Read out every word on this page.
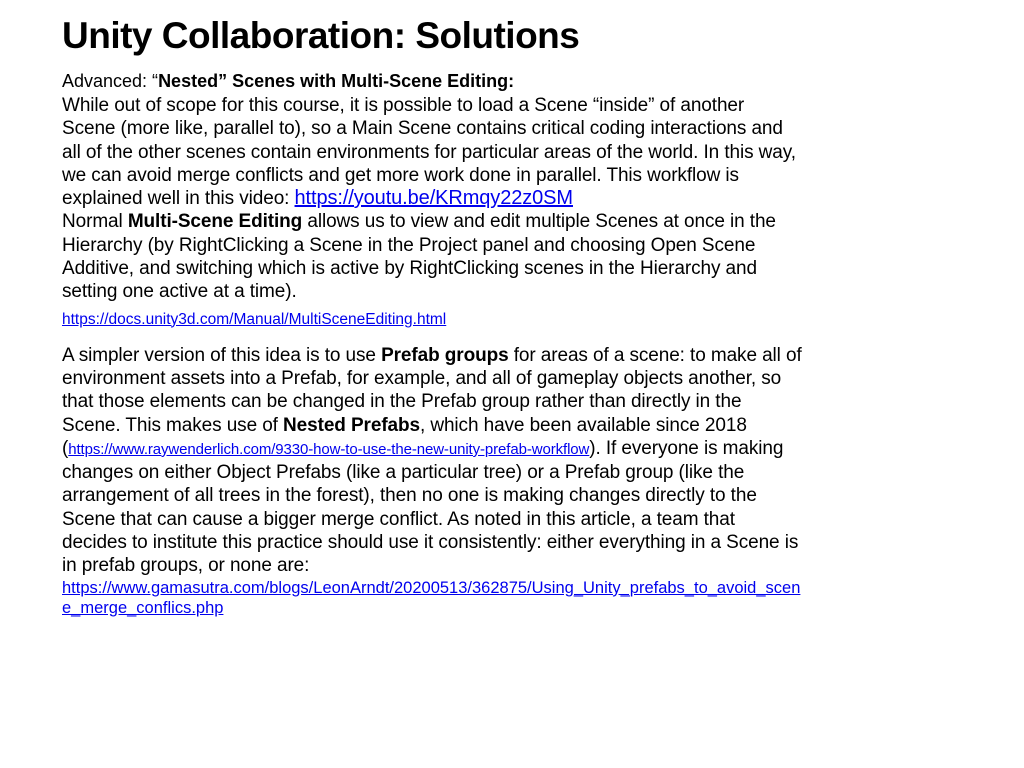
Unity Collaboration: Solutions

Advanced: “Nested” Scenes with Multi-Scene Editing:

While out of scope for this course, it is possible to load a Scene “inside” of another Scene (more like, parallel to), so a Main Scene contains critical coding interactions and all of the other scenes contain environments for particular areas of the world. In this way, we can avoid merge conflicts and get more work done in parallel. This workflow is explained well in this video: https://youtu.be/KRmqy22z0SM

Normal Multi-Scene Editing allows us to view and edit multiple Scenes at once in the Hierarchy (by RightClicking a Scene in the Project panel and choosing Open Scene Additive, and switching which is active by RightClicking scenes in the Hierarchy and setting one active at a time).

https://docs.unity3d.com/Manual/MultiSceneEditing.html

A simpler version of this idea is to use Prefab groups for areas of a scene: to make all of environment assets into a Prefab, for example, and all of gameplay objects another, so that those elements can be changed in the Prefab group rather than directly in the Scene. This makes use of Nested Prefabs, which have been available since 2018 (https://www.raywenderlich.com/9330-how-to-use-the-new-unity-prefab-workflow). If everyone is making changes on either Object Prefabs (like a particular tree) or a Prefab group (like the arrangement of all trees in the forest), then no one is making changes directly to the Scene that can cause a bigger merge conflict. As noted in this article, a team that decides to institute this practice should use it consistently: either everything in a Scene is in prefab groups, or none are:

https://www.gamasutra.com/blogs/LeonArndt/20200513/362875/Using_Unity_prefabs_to_avoid_scene_merge_conflics.php
